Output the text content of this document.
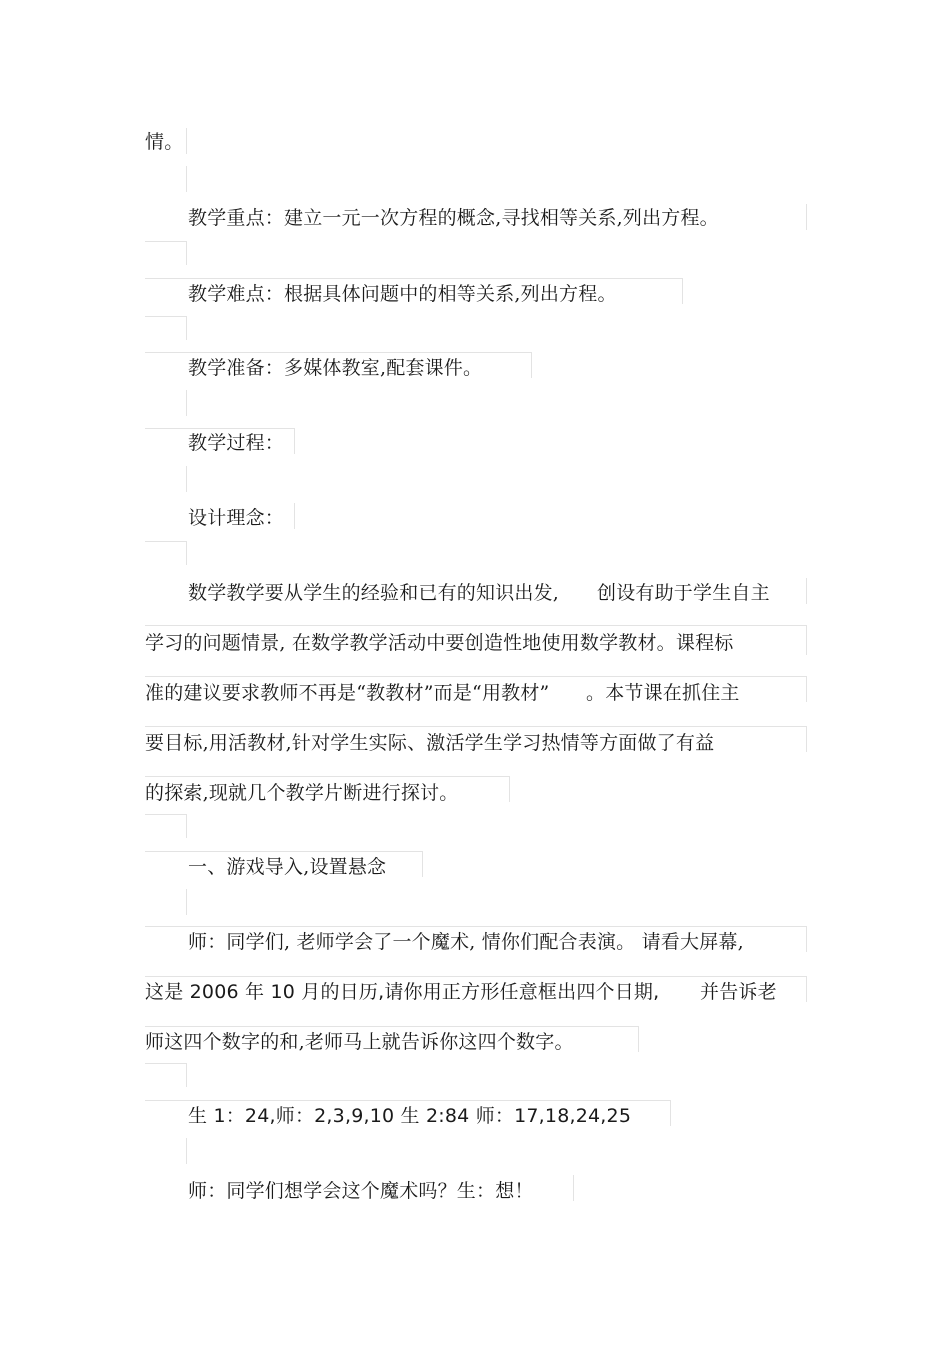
情。
教学重点：建立一元一次方程的概念,寻找相等关系,列出方程。
教学难点：根据具体问题中的相等关系,列出方程。
教学准备：多媒体教室,配套课件。
教学过程：
设计理念：
数学教学要从学生的经验和已有的知识出发, 创设有助于学生自主
学习的问题情景, 在数学教学活动中要创造性地使用数学教材。课程标
准的建议要求教师不再是“教教材”而是“用教材” 。本节课在抓住主
要目标,用活教材,针对学生实际、激活学生学习热情等方面做了有益
的探索,现就几个教学片断进行探讨。
一、游戏导入,设置悬念
师：同学们, 老师学会了一个魔术, 情你们配合表演。 请看大屏幕,
这是 2006 年 10 月的日历,请你用正方形任意框出四个日期, 并告诉老
师这四个数字的和,老师马上就告诉你这四个数字。
生 1：24,师：2,3,9,10 生 2:84 师：17,18,24,25
师：同学们想学会这个魔术吗？生：想！
